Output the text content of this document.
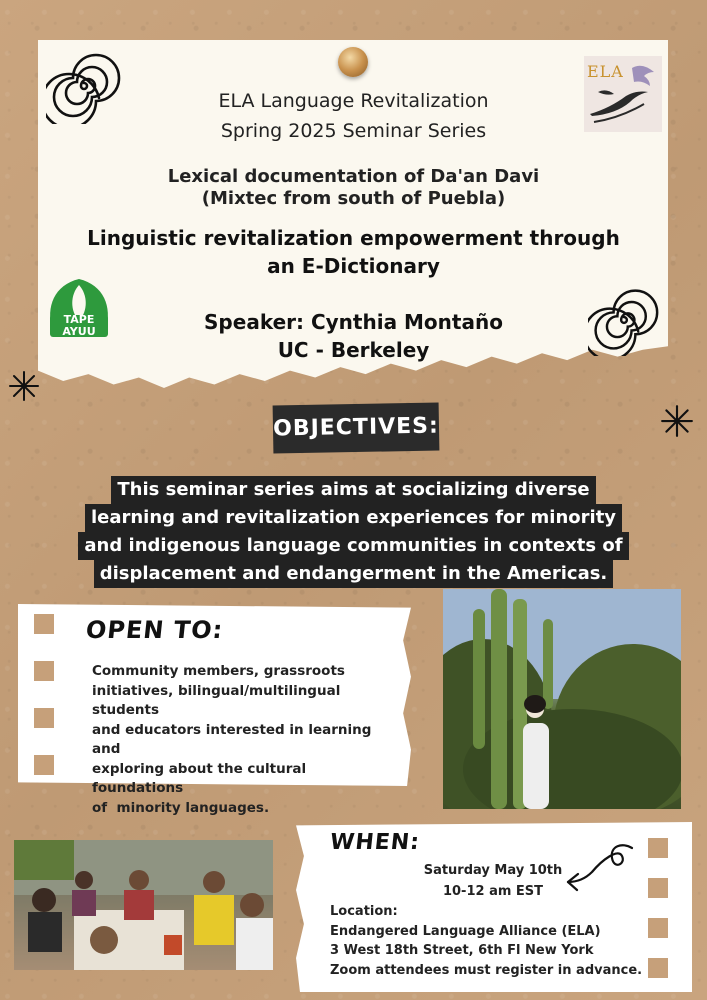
ELA
TAPE
AYUU
ELA Language Revitalization
Spring 2025 Seminar Series
Lexical documentation of Da'an Davi
(Mixtec from south of Puebla)
Linguistic revitalization empowerment through
an E-Dictionary
Speaker: Cynthia Montaño
UC - Berkeley
OBJECTIVES:
This seminar series aims at socializing diverse
learning and revitalization experiences for minority
and indigenous language communities in contexts of
displacement and endangerment in the Americas.
OPEN TO:
Community members, grassroots
initiatives, bilingual/multilingual students
and educators interested in learning and
exploring about the cultural foundations
of  minority languages.
WHEN:
Saturday May 10th
10-12 am EST
Location:
Endangered Language Alliance (ELA)
3 West 18th Street, 6th Fl New York
Zoom attendees must register in advance.
